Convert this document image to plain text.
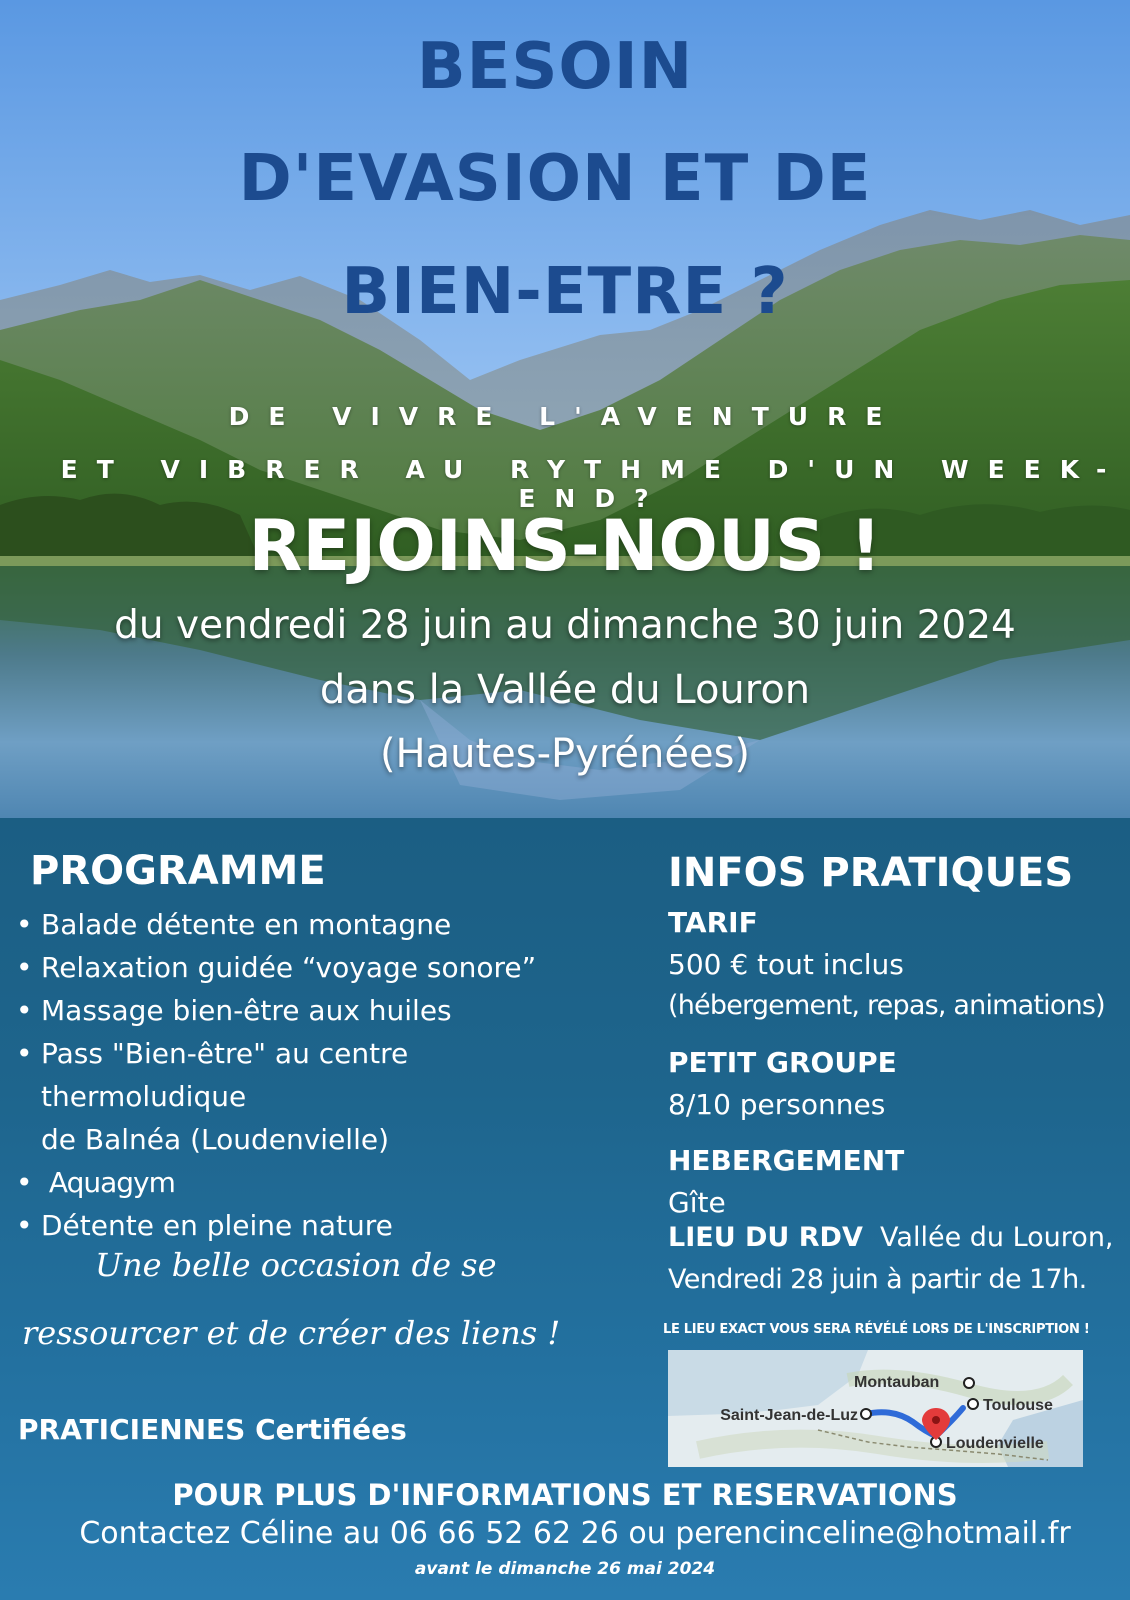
BESOIN
D'EVASION ET DE
BIEN-ETRE ?
DE VIVRE L'AVENTURE
ET VIBRER AU RYTHME D'UN WEEK-END?
REJOINS-NOUS !
du vendredi 28 juin au dimanche 30 juin 2024
dans la Vallée du Louron
(Hautes-Pyrénées)
PROGRAMME
• Balade détente en montagne
• Relaxation guidée “voyage sonore”
• Massage bien-être aux huiles
• Pass "Bien-être" au centre thermoludique
de Balnéa (Loudenvielle)
• Aquagym
• Détente en pleine nature
Une belle occasion de se
ressourcer et de créer des liens !
PRATICIENNES Certifiées
INFOS PRATIQUES
TARIF
500 € tout inclus
(hébergement, repas, animations)
PETIT GROUPE
8/10 personnes
HEBERGEMENT
Gîte
LIEU DU RDV Vallée du Louron,
Vendredi 28 juin à partir de 17h.
LE LIEU EXACT VOUS SERA RÉVÉLÉ LORS DE L'INSCRIPTION !
Montauban
Toulouse
Saint-Jean-de-Luz
Loudenvielle
POUR PLUS D'INFORMATIONS ET RESERVATIONS
Contactez Céline au 06 66 52 62 26 ou perencinceline@hotmail.fr
avant le dimanche 26 mai 2024
